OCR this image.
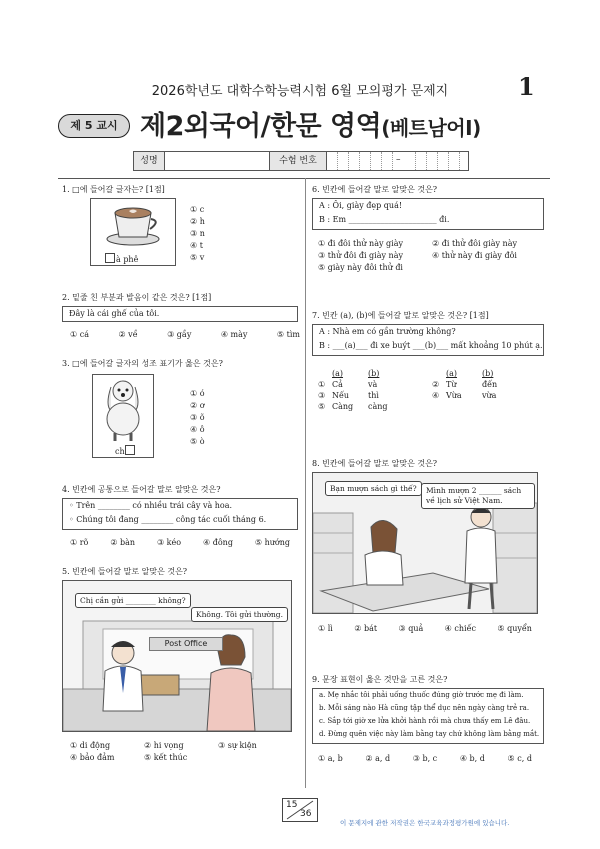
2026학년도 대학수학능력시험 6월 모의평가 문제지	1
제 5 교시 제2외국어/한문 영역(베트남어Ⅰ)
성명	수험 번호	–
1. □에 들어갈 글자는? [1점]
à phê
① c
② h
③ n
④ t
⑤ v
2. 밑줄 친 부분과 발음이 같은 것은? [1점]
Đây là cái ghế của tôi.
① cá	② về	③ gầy	④ mày	⑤ tìm
3. □에 들어갈 글자의 성조 표기가 옳은 것은?
ch
① ó
② ơ
③ õ
④ ô
⑤ ò
4. 빈칸에 공통으로 들어갈 말로 알맞은 것은?
◦ Trên ________ có nhiều trái cây và hoa.
◦ Chúng tôi đang ________ công tác cuối tháng 6.
① rõ	② bàn	③ kéo	④ đông	⑤ hướng
5. 빈칸에 들어갈 말로 알맞은 것은?
Post Office
Chị cần gửi ________ không?
Không. Tôi gửi thường.
① di động	② hi vọng	③ sự kiện
④ bảo đảm	⑤ kết thúc
6. 빈칸에 들어갈 말로 알맞은 것은?
A : Ôi, giày đẹp quá!
B : Em ______________________ đi.
① đi đôi thử này giày	② đi thử đôi giày này
③ thử đôi đi giày này	④ thử này đi giày đôi
⑤ giày này đôi thử đi
7. 빈칸 (a), (b)에 들어갈 말로 알맞은 것은? [1점]
A : Nhà em có gần trường không?
B : ___(a)___ đi xe buýt ___(b)___ mất khoảng 10 phút ạ.
(a)	(b)	(a)	(b)
① Cả	và	② Từ	đến
③ Nếu	thì	④ Vừa	vừa
⑤ Càng	càng
8. 빈칸에 들어갈 말로 알맞은 것은?
Bạn mượn sách gì thế?	Mình mượn 2 ______ sách về lịch sử Việt Nam.
① lì	② bát	③ quả	④ chiếc	⑤ quyển
9. 문장 표현이 옳은 것만을 고른 것은?
a. Mẹ nhắc tôi phải uống thuốc đúng giờ trước mẹ đi làm.
b. Mỗi sáng nào Hà cũng tập thể dục nên ngày càng trẻ ra.
c. Sắp tới giờ xe lửa khởi hành rồi mà chưa thấy em Lê đâu.
d. Đừng quên việc này làm bằng tay chứ không làm bằng mắt.
① a, b	② a, d	③ b, c	④ b, d	⑤ c, d
15
36
이 문제지에 관한 저작권은 한국교육과정평가원에 있습니다.
